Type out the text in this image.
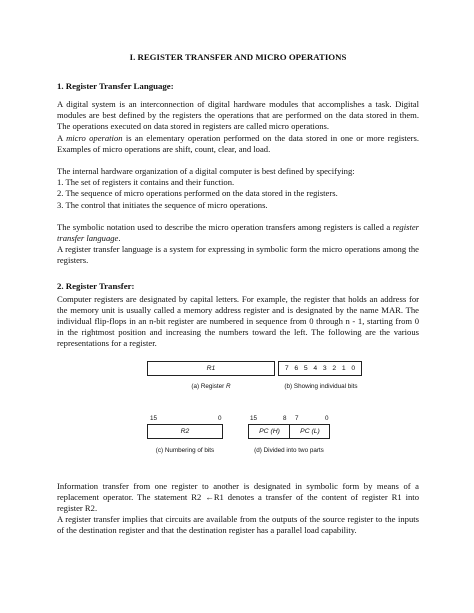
I. REGISTER TRANSFER AND MICRO OPERATIONS

1. Register Transfer Language:

A digital system is an interconnection of digital hardware modules that accomplishes a task. Digital modules are best defined by the registers the operations that are performed on the data stored in them. The operations executed on data stored in registers are called micro operations.

A micro operation is an elementary operation performed on the data stored in one or more registers. Examples of micro operations are shift, count, clear, and load.

The internal hardware organization of a digital computer is best defined by specifying:

1. The set of registers it contains and their function.

2. The sequence of micro operations performed on the data stored in the registers.

3. The control that initiates the sequence of micro operations.

The symbolic notation used to describe the micro operation transfers among registers is called a register transfer language.

A register transfer language is a system for expressing in symbolic form the micro operations among the registers.

2. Register Transfer:

Computer registers are designated by capital letters. For example, the register that holds an address for the memory unit is usually called a memory address register and is designated by the name MAR. The individual flip-flops in an n-bit register are numbered in sequence from 0 through n - 1, starting from 0 in the rightmost position and increasing the numbers toward the left. The following are the various representations for a register.

R1
(a) Register R
7 6 5 4 3 2 1 0
(b) Showing individual bits
15	0
R2
(c) Numbering of bits
15	8 7	0
PC (H)	PC (L)
(d) Divided into two parts

Information transfer from one register to another is designated in symbolic form by means of a replacement operator. The statement R2 ←R1 denotes a transfer of the content of register R1 into register R2.

A register transfer implies that circuits are available from the outputs of the source register to the inputs of the destination register and that the destination register has a parallel load capability.
